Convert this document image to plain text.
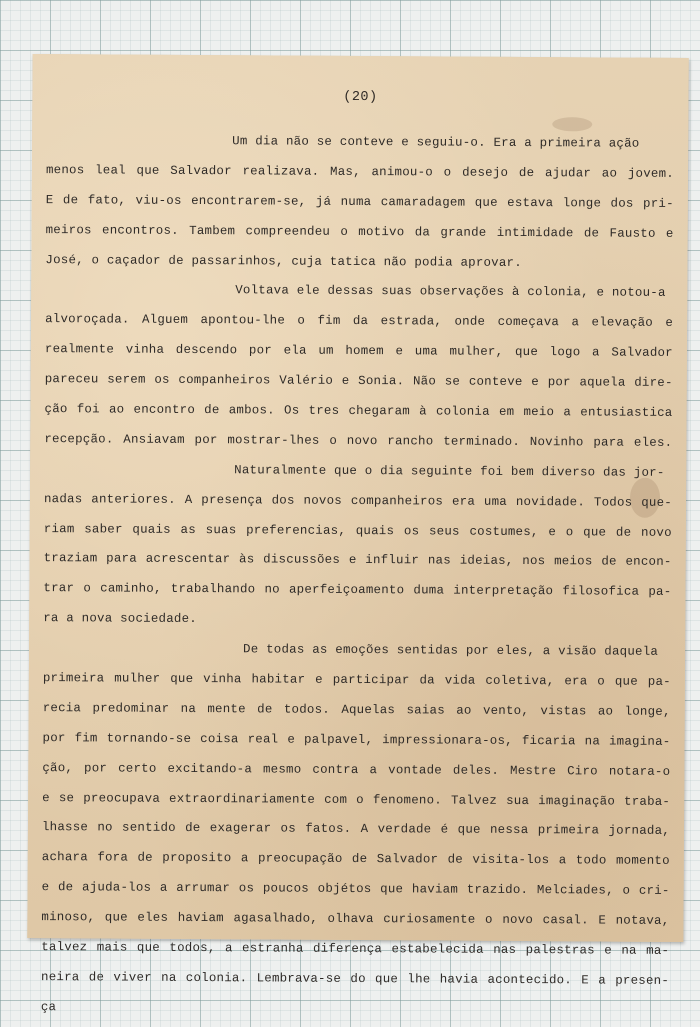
(20)
Um dia não se conteve e seguiu-o. Era a primeira ação
menos leal que Salvador realizava. Mas, animou-o o desejo de ajudar ao jovem.
E de fato, viu-os encontrarem-se, já numa camaradagem que estava longe dos pri-
meiros encontros. Tambem compreendeu o motivo da grande intimidade de Fausto e
José, o caçador de passarinhos, cuja tatica não podia aprovar.
Voltava ele dessas suas observações à colonia, e notou-a
alvoroçada. Alguem apontou-lhe o fim da estrada, onde começava a elevação e
realmente vinha descendo por ela um homem e uma mulher, que logo a Salvador
pareceu serem os companheiros Valério e Sonia. Não se conteve e por aquela dire-
ção foi ao encontro de ambos. Os tres chegaram à colonia em meio a entusiastica
recepção. Ansiavam por mostrar-lhes o novo rancho terminado. Novinho para eles.
Naturalmente que o dia seguinte foi bem diverso das jor-
nadas anteriores. A presença dos novos companheiros era uma novidade. Todos que-
riam saber quais as suas preferencias, quais os seus costumes, e o que de novo
traziam para acrescentar às discussões e influir nas ideias, nos meios de encon-
trar o caminho, trabalhando no aperfeiçoamento duma interpretação filosofica pa-
ra a nova sociedade.
De todas as emoções sentidas por eles, a visão daquela
primeira mulher que vinha habitar e participar da vida coletiva, era o que pa-
recia predominar na mente de todos. Aquelas saias ao vento, vistas ao longe,
por fim tornando-se coisa real e palpavel, impressionara-os, ficaria na imagina-
ção, por certo excitando-a mesmo contra a vontade deles. Mestre Ciro notara-o
e se preocupava extraordinariamente com o fenomeno. Talvez sua imaginação traba-
lhasse no sentido de exagerar os fatos. A verdade é que nessa primeira jornada,
achara fora de proposito a preocupação de Salvador de visita-los a todo momento
e de ajuda-los a arrumar os poucos objétos que haviam trazido. Melciades, o cri-
minoso, que eles haviam agasalhado, olhava curiosamente o novo casal. E notava,
talvez mais que todos, a estranha diferença estabelecida nas palestras e na ma-
neira de viver na colonia. Lembrava-se do que lhe havia acontecido. E a presen-
ça
